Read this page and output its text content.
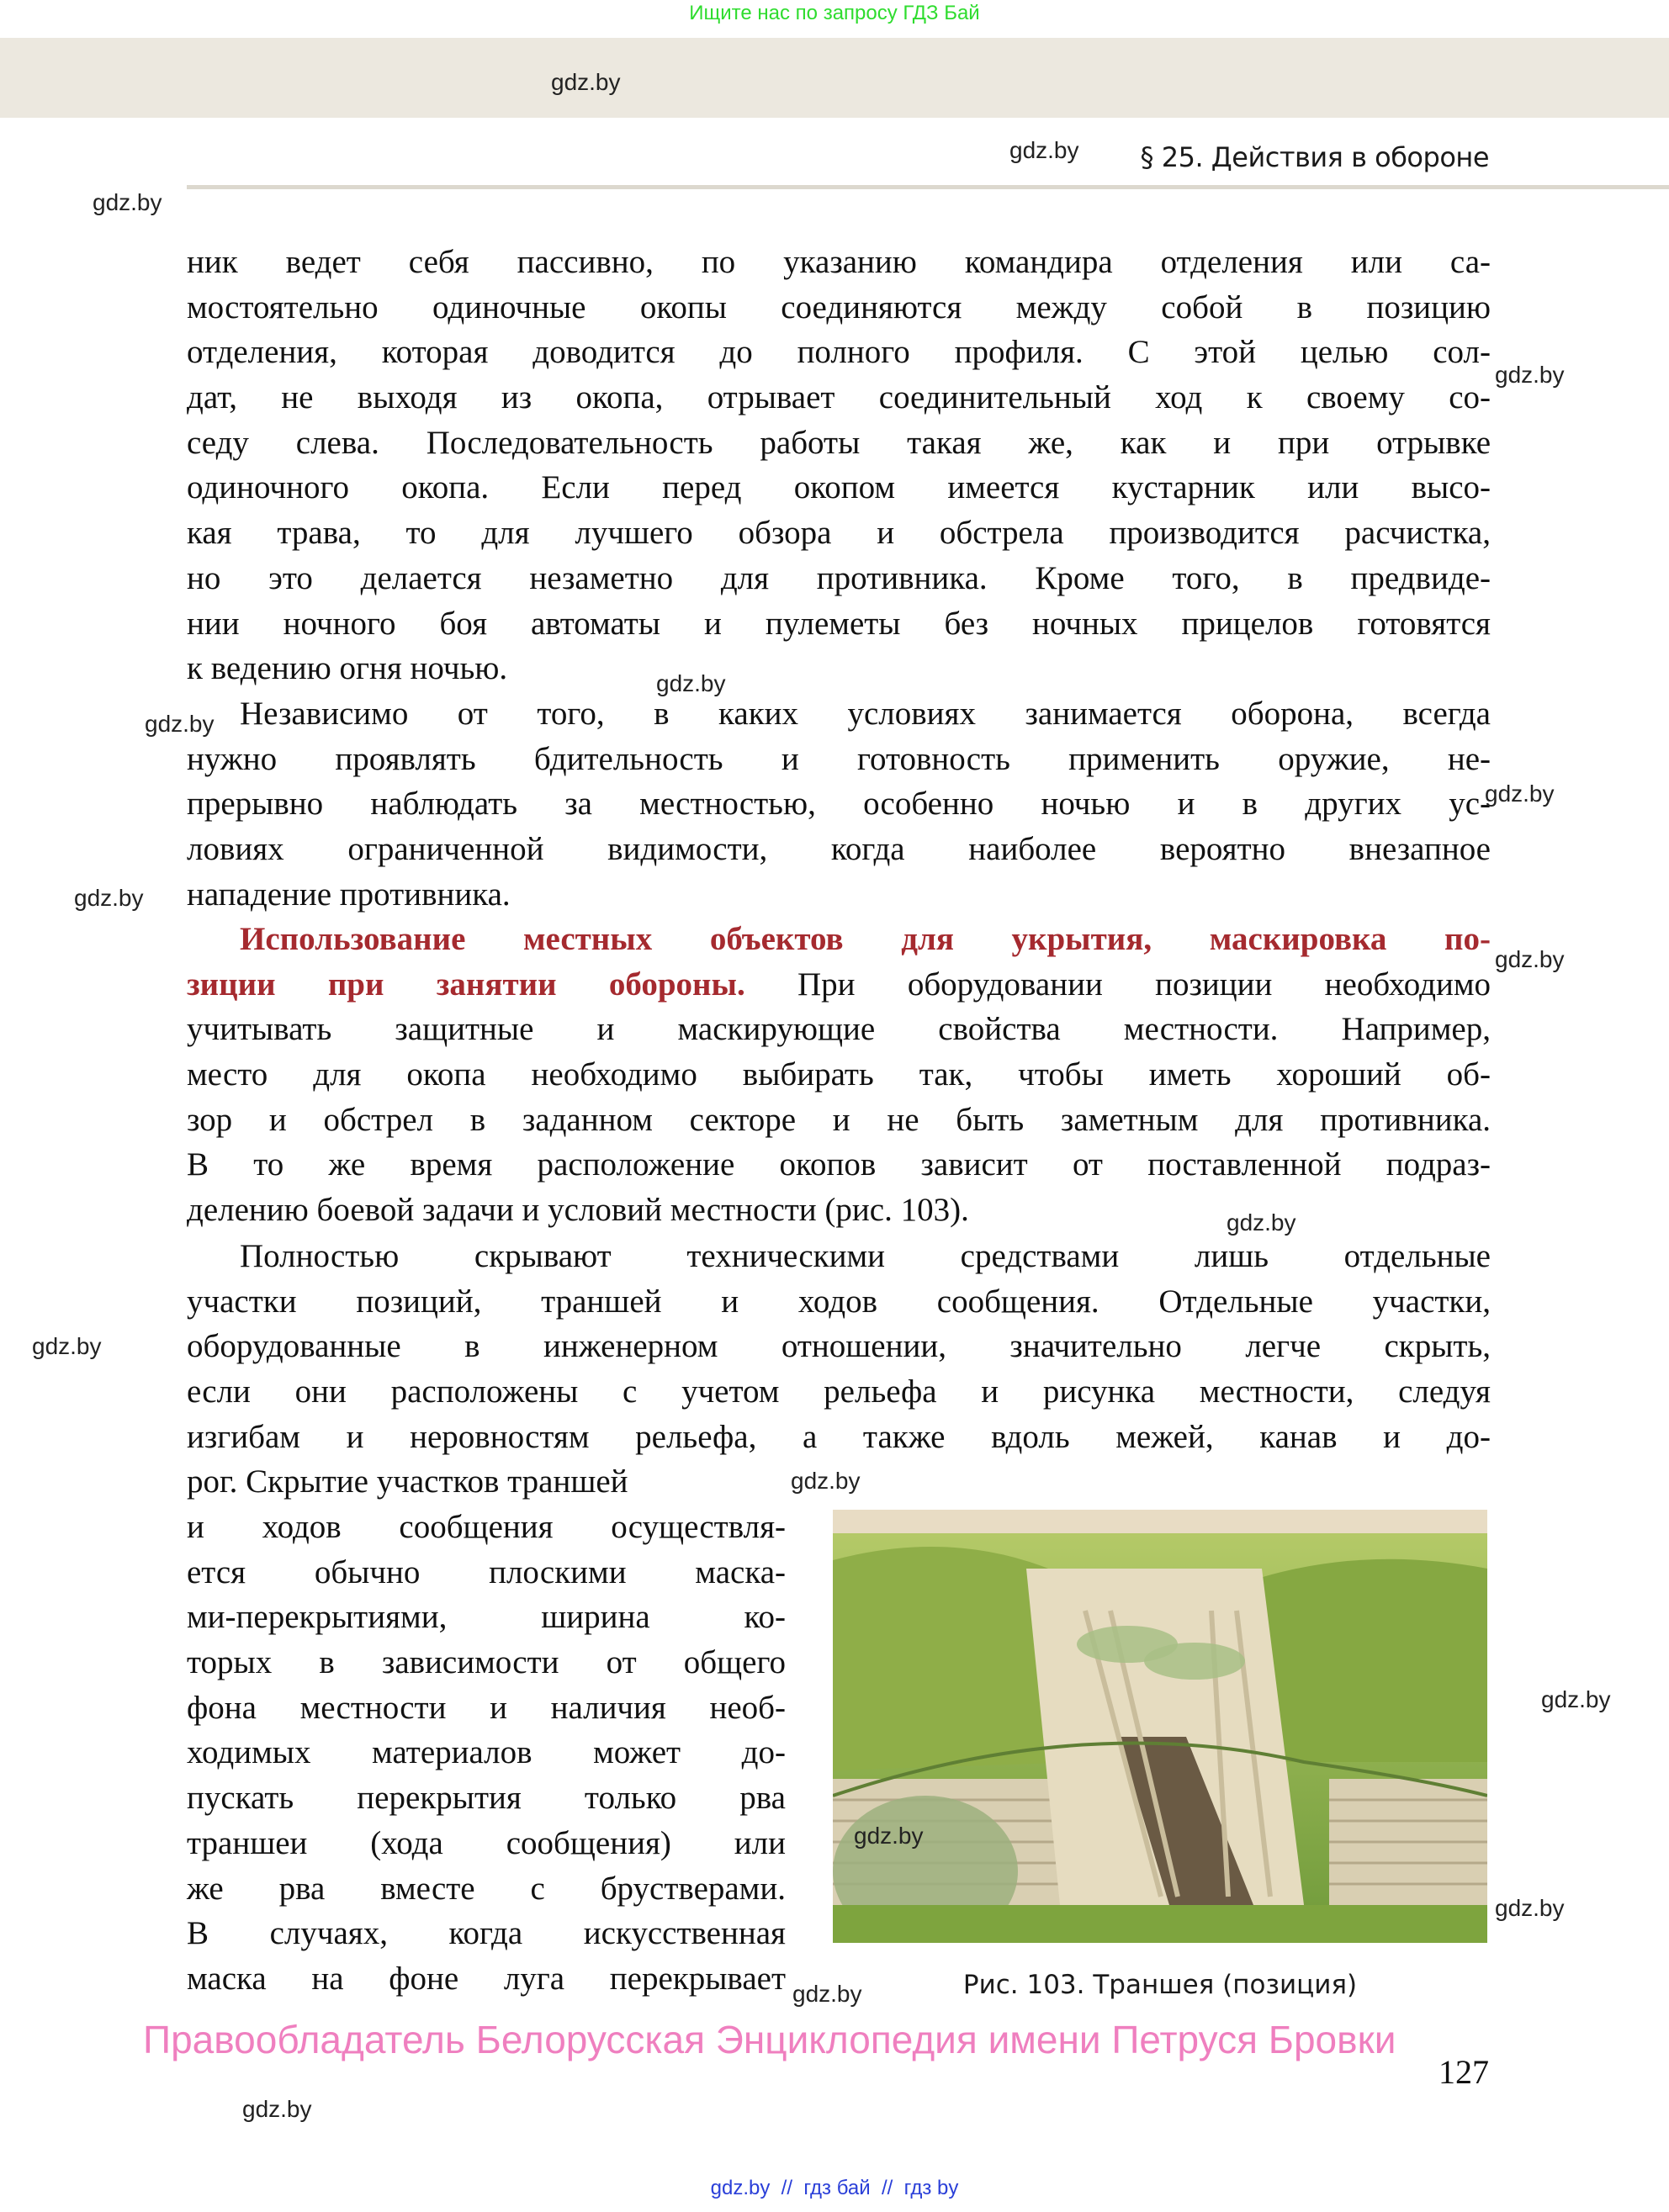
Ищите нас по запросу ГДЗ Бай
gdz.by
gdz.by § 25. Действия в обороне
gdz.by
ник ведет себя пассивно, по указанию командира отделения или са-
мостоятельно одиночные окопы соединяются между собой в позицию
отделения, которая доводится до полного профиля. С этой целью сол-
дат, не выходя из окопа, отрывает соединительный ход к своему со-
седу слева. Последовательность работы такая же, как и при отрывке
одиночного окопа. Если перед окопом имеется кустарник или высо-
кая трава, то для лучшего обзора и обстрела производится расчистка,
но это делается незаметно для противника. Кроме того, в предвиде-
нии ночного боя автоматы и пулеметы без ночных прицелов готовятся
к ведению огня ночью.
gdz.by
gdz.by
Независимо от того, в каких условиях занимается оборона, всегда
нужно проявлять бдительность и готовность применить оружие, не-
прерывно наблюдать за местностью, особенно ночью и в других ус-
ловиях ограниченной видимости, когда наиболее вероятно внезапное
нападение противника.
gdz.by
gdz.by
gdz.by
Использование местных объектов для укрытия, маскировка по-
зиции при занятии обороны. При оборудовании позиции необходимо
учитывать защитные и маскирующие свойства местности. Например,
место для окопа необходимо выбирать так, чтобы иметь хороший об-
зор и обстрел в заданном секторе и не быть заметным для противника.
В то же время расположение окопов зависит от поставленной подраз-
делению боевой задачи и условий местности (рис. 103).
gdz.by
gdz.by
Полностью скрывают техническими средствами лишь отдельные
участки позиций, траншей и ходов сообщения. Отдельные участки,
оборудованные в инженерном отношении, значительно легче скрыть,
если они расположены с учетом рельефа и рисунка местности, следуя
изгибам и неровностям рельефа, а также вдоль межей, канав и до-
рог. Скрытие участков траншей
gdz.by
gdz.by
и ходов сообщения осуществля-
ется обычно плоскими маска-
ми-перекрытиями, ширина ко-
торых в зависимости от общего
фона местности и наличия необ-
ходимых материалов может до-
пускать перекрытия только рва
траншеи (хода сообщения) или
же рва вместе с брустверами.
В случаях, когда искусственная
маска на фоне луга перекрывает gdz.by
gdz.by
gdz.by
gdz.by
Рис. 103. Траншея (позиция)
Правообладатель Белорусская Энциклопедия имени Петруся Бровки
127
gdz.by
gdz.by  //  гдз бай  //  гдз by
